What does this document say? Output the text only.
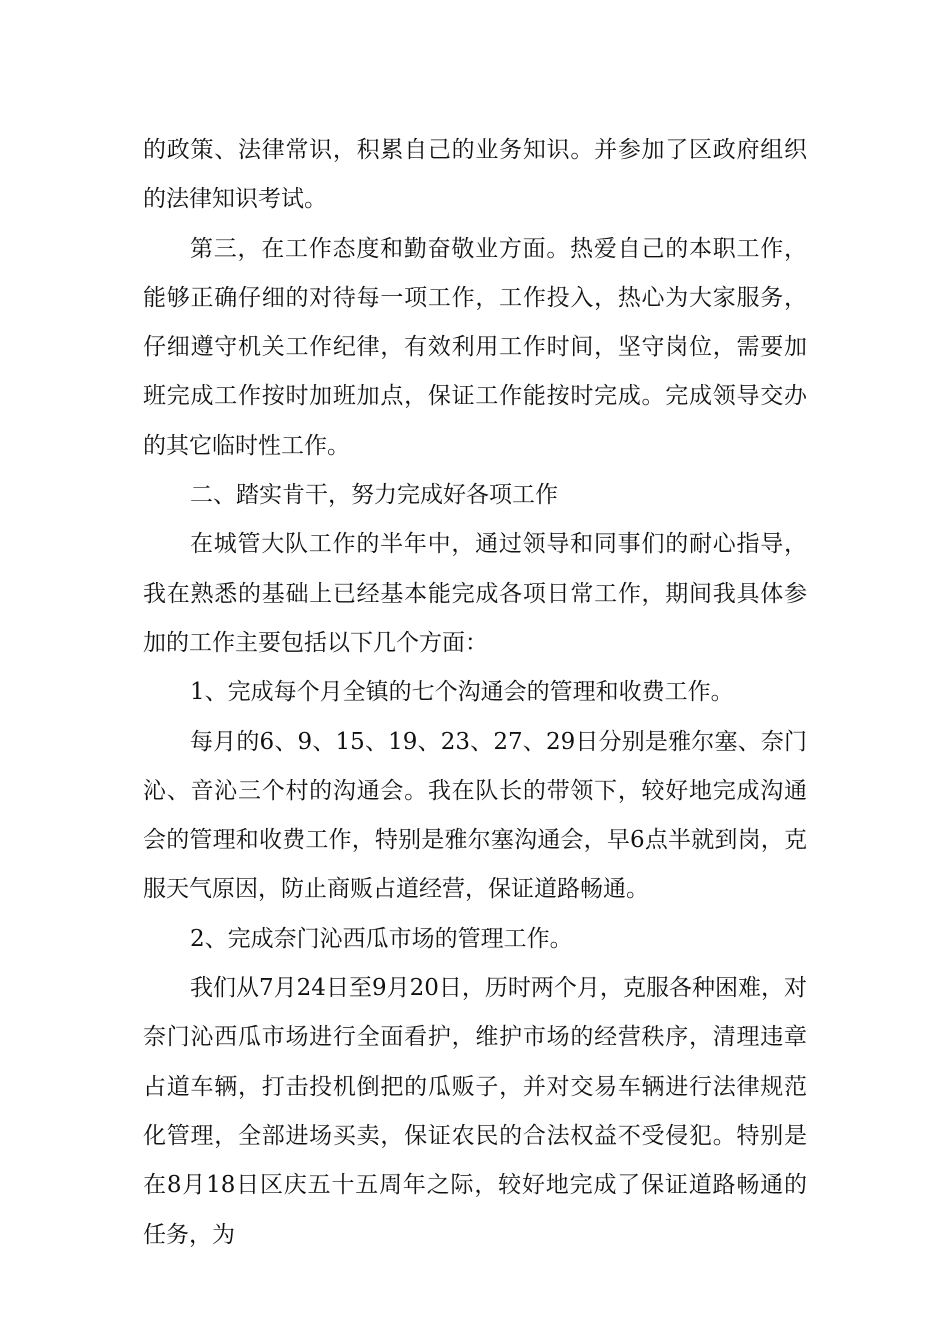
的政策、法律常识，积累自己的业务知识。并参加了区政府组织的法律知识考试。

第三，在工作态度和勤奋敬业方面。热爱自己的本职工作，能够正确仔细的对待每一项工作，工作投入，热心为大家服务，仔细遵守机关工作纪律，有效利用工作时间，坚守岗位，需要加班完成工作按时加班加点，保证工作能按时完成。完成领导交办的其它临时性工作。

二、踏实肯干，努力完成好各项工作

在城管大队工作的半年中，通过领导和同事们的耐心指导，我在熟悉的基础上已经基本能完成各项日常工作，期间我具体参加的工作主要包括以下几个方面：

1、完成每个月全镇的七个沟通会的管理和收费工作。

每月的6、9、15、19、23、27、29日分别是雅尔塞、奈门沁、音沁三个村的沟通会。我在队长的带领下，较好地完成沟通会的管理和收费工作，特别是雅尔塞沟通会，早6点半就到岗，克服天气原因，防止商贩占道经营，保证道路畅通。

2、完成奈门沁西瓜市场的管理工作。

我们从7月24日至9月20日，历时两个月，克服各种困难，对奈门沁西瓜市场进行全面看护，维护市场的经营秩序，清理违章占道车辆，打击投机倒把的瓜贩子，并对交易车辆进行法律规范化管理，全部进场买卖，保证农民的合法权益不受侵犯。特别是在8月18日区庆五十五周年之际，较好地完成了保证道路畅通的任务，为
